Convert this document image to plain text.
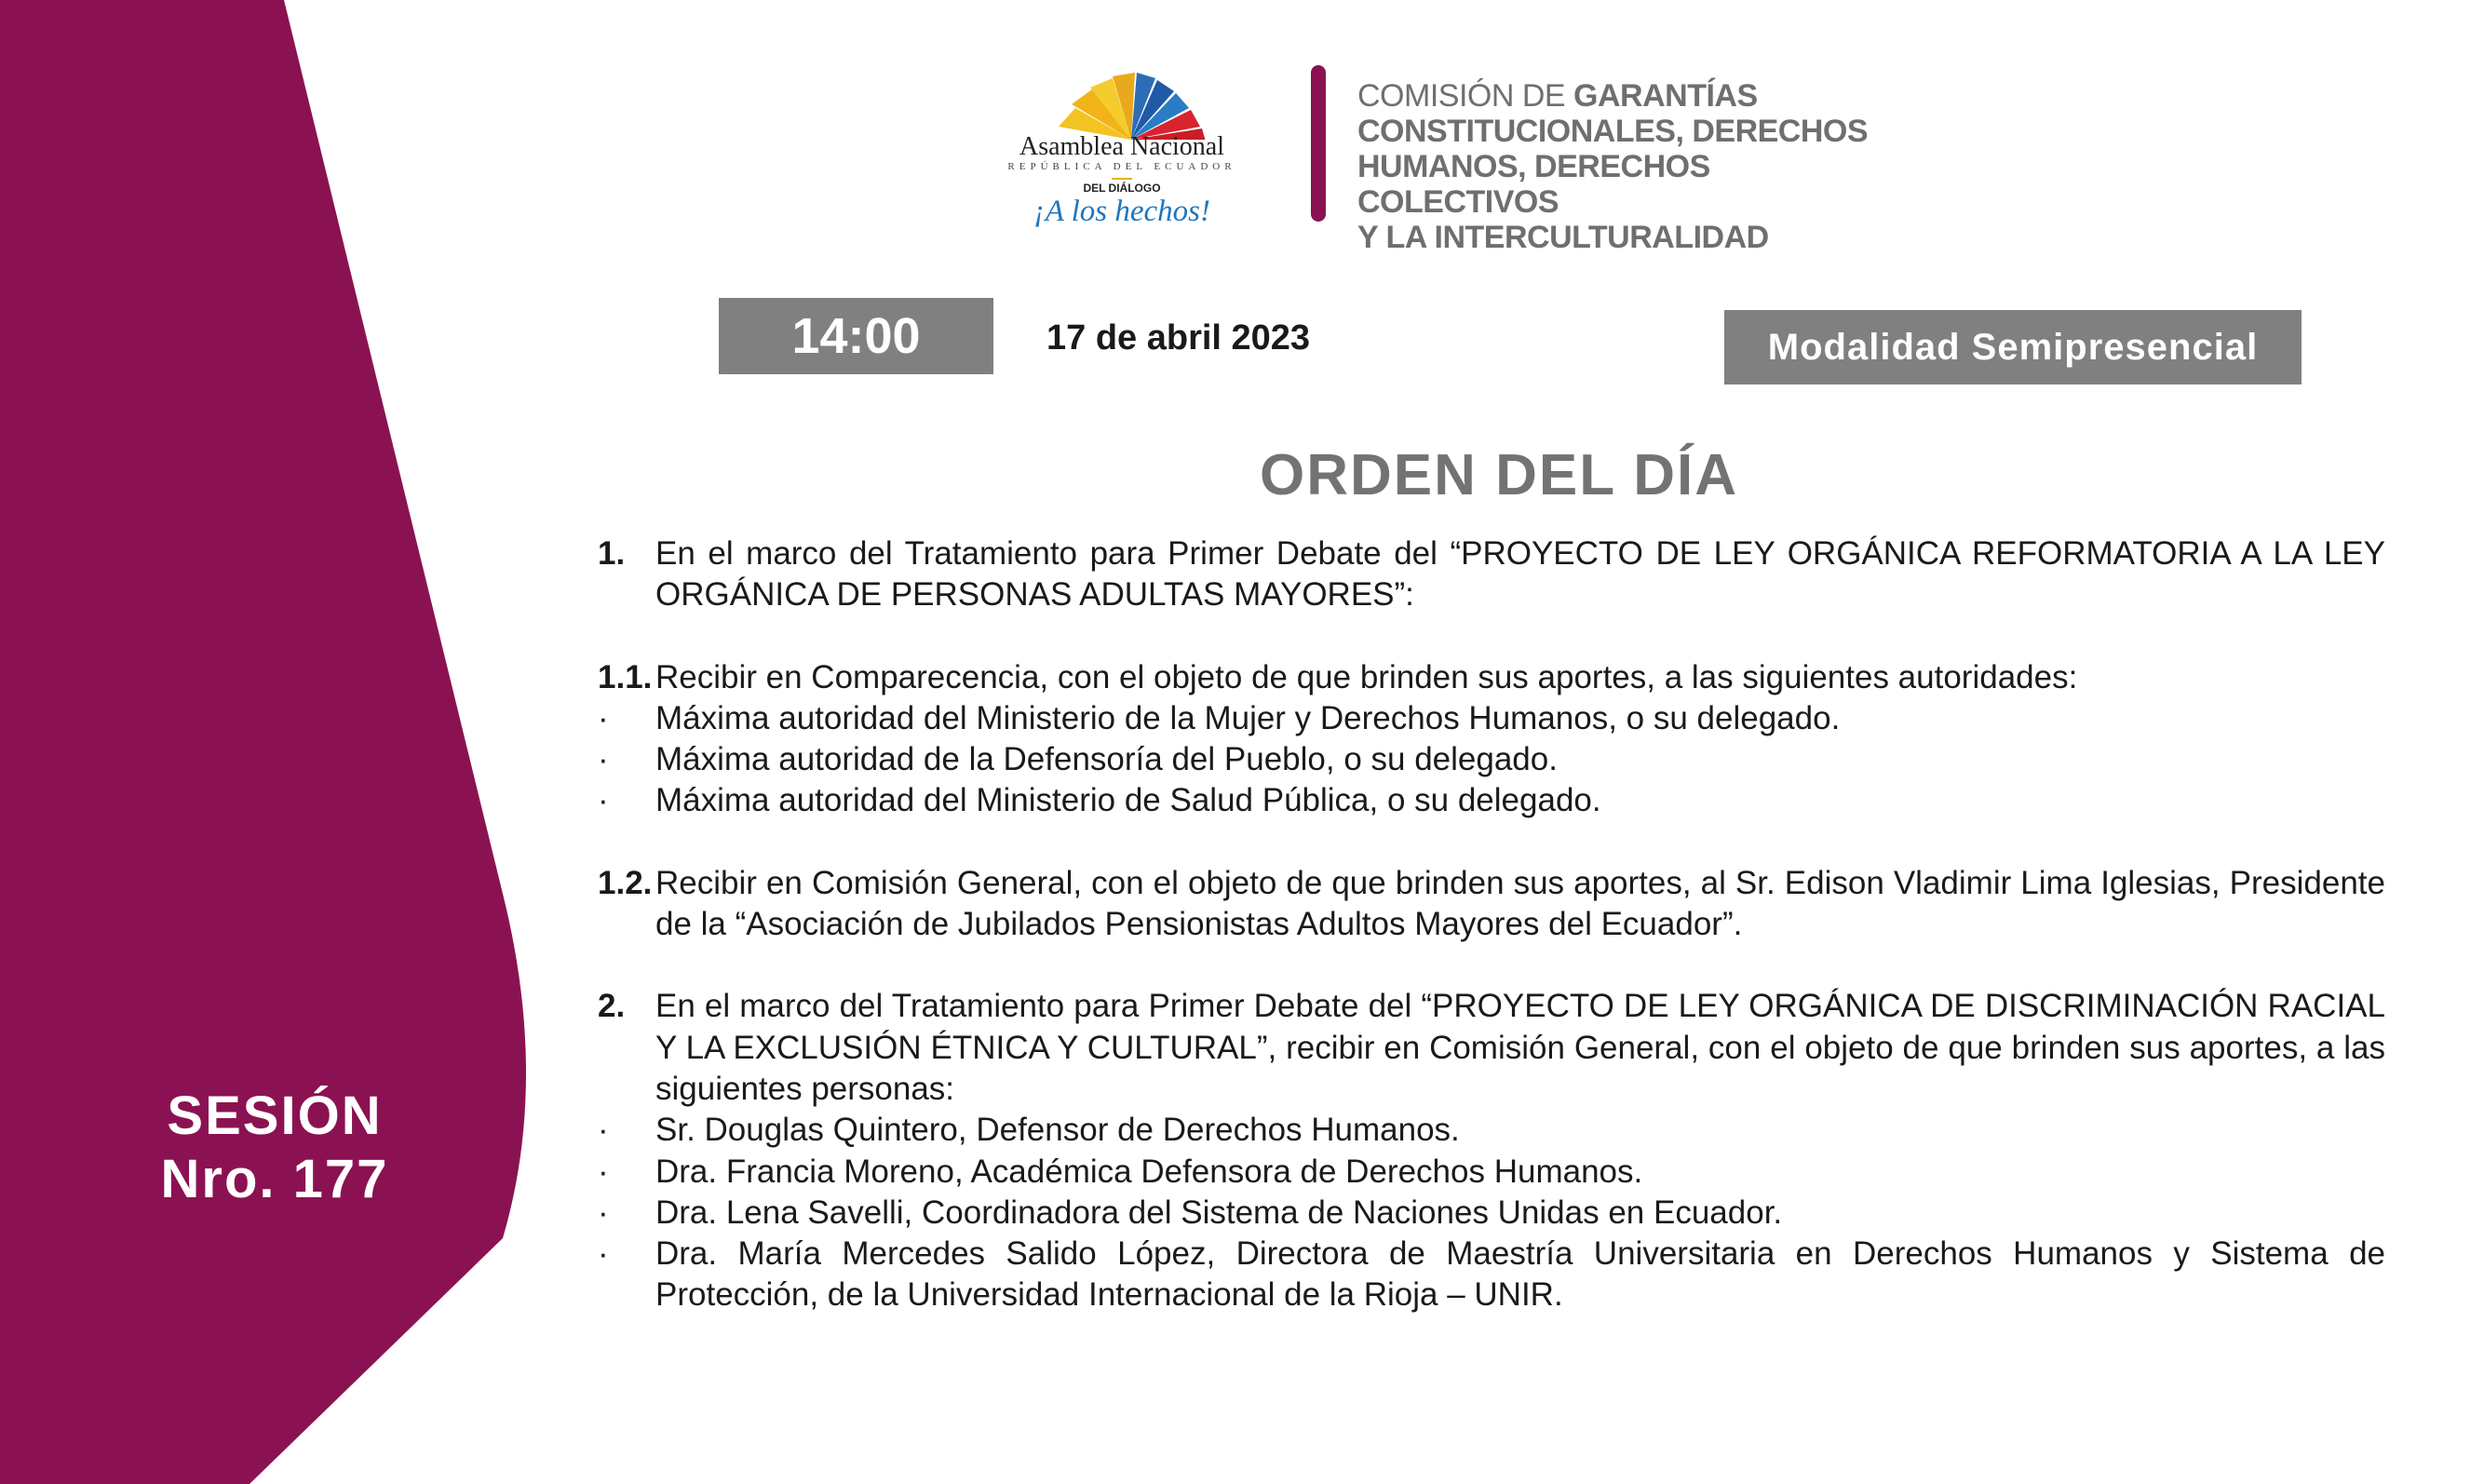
SESIÓN
Nro. 177
Asamblea Nacional
REPÚBLICA DEL ECUADOR
DEL DIÁLOGO
¡A los hechos!
COMISIÓN DE GARANTÍAS
CONSTITUCIONALES, DERECHOS
HUMANOS, DERECHOS COLECTIVOS
Y LA INTERCULTURALIDAD
14:00	17 de abril 2023	Modalidad Semipresencial
ORDEN DEL DÍA
1. En el marco del Tratamiento para Primer Debate del “PROYECTO DE LEY ORGÁNICA REFORMATORIA A LA LEY ORGÁNICA DE PERSONAS ADULTAS MAYORES”:
1.1. Recibir en Comparecencia, con el objeto de que brinden sus aportes, a las siguientes autoridades:
· Máxima autoridad del Ministerio de la Mujer y Derechos Humanos, o su delegado.
· Máxima autoridad de la Defensoría del Pueblo, o su delegado.
· Máxima autoridad del Ministerio de Salud Pública, o su delegado.
1.2. Recibir en Comisión General, con el objeto de que brinden sus aportes, al Sr. Edison Vladimir Lima Iglesias, Presidente de la “Asociación de Jubilados Pensionistas Adultos Mayores del Ecuador”.
2. En el marco del Tratamiento para Primer Debate del “PROYECTO DE LEY ORGÁNICA DE DISCRIMINACIÓN RACIAL Y LA EXCLUSIÓN ÉTNICA Y CULTURAL”, recibir en Comisión General, con el objeto de que brinden sus aportes, a las siguientes personas:
· Sr. Douglas Quintero, Defensor de Derechos Humanos.
· Dra. Francia Moreno, Académica Defensora de Derechos Humanos.
· Dra. Lena Savelli, Coordinadora del Sistema de Naciones Unidas en Ecuador.
· Dra. María Mercedes Salido López, Directora de Maestría Universitaria en Derechos Humanos y Sistema de Protección, de la Universidad Internacional de la Rioja – UNIR.
